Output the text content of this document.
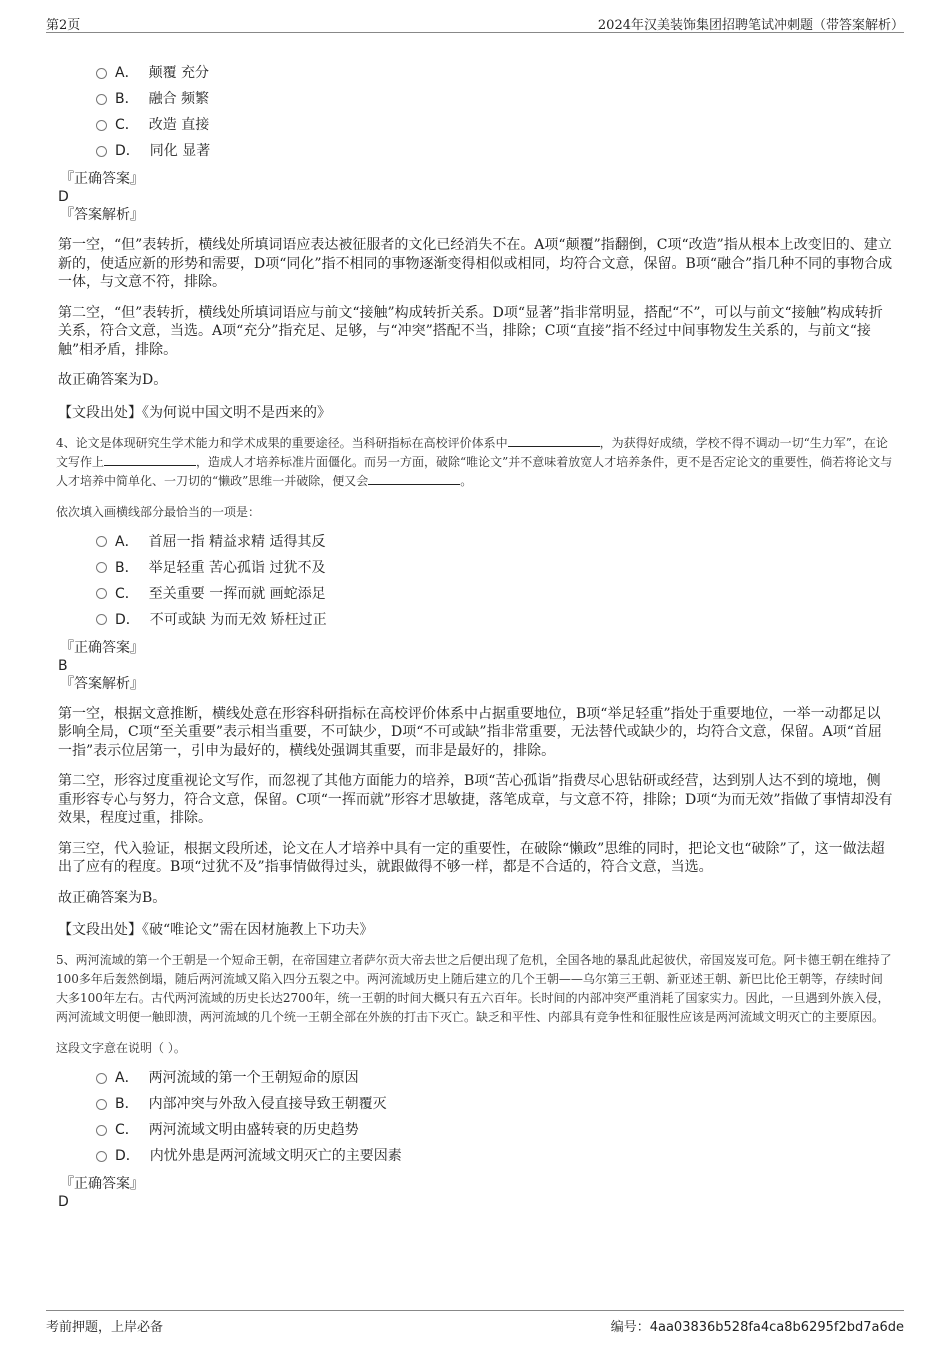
第2页	2024年汉美装饰集团招聘笔试冲刺题（带答案解析）
A． 颠覆 充分
B． 融合 频繁
C． 改造 直接
D． 同化 显著
『正确答案』
D
『答案解析』
第一空，“但”表转折，横线处所填词语应表达被征服者的文化已经消失不在。A项“颠覆”指翻倒，C项“改造”指从根本上改变旧的、建立新的，使适应新的形势和需要，D项“同化”指不相同的事物逐渐变得相似或相同，均符合文意，保留。B项“融合”指几种不同的事物合成一体，与文意不符，排除。
第二空，“但”表转折，横线处所填词语应与前文“接触”构成转折关系。D项“显著”指非常明显，搭配“不”，可以与前文“接触”构成转折关系，符合文意，当选。A项“充分”指充足、足够，与“冲突”搭配不当，排除；C项“直接”指不经过中间事物发生关系的，与前文“接触”相矛盾，排除。
故正确答案为D。
【文段出处】《为何说中国文明不是西来的》
4、论文是体现研究生学术能力和学术成果的重要途径。当科研指标在高校评价体系中	，为获得好成绩，学校不得不调动一切“生力军”，在论文写作上	，造成人才培养标准片面僵化。而另一方面，破除“唯论文”并不意味着放宽人才培养条件，更不是否定论文的重要性，倘若将论文与人才培养中简单化、一刀切的“懒政”思维一并破除，便又会	。
依次填入画横线部分最恰当的一项是：
A． 首屈一指 精益求精 适得其反
B． 举足轻重 苦心孤诣 过犹不及
C． 至关重要 一挥而就 画蛇添足
D． 不可或缺 为而无效 矫枉过正
『正确答案』
B
『答案解析』
第一空，根据文意推断，横线处意在形容科研指标在高校评价体系中占据重要地位，B项“举足轻重”指处于重要地位，一举一动都足以影响全局，C项“至关重要”表示相当重要，不可缺少，D项“不可或缺”指非常重要，无法替代或缺少的，均符合文意，保留。A项“首屈一指”表示位居第一，引申为最好的，横线处强调其重要，而非是最好的，排除。
第二空，形容过度重视论文写作，而忽视了其他方面能力的培养，B项“苦心孤诣”指费尽心思钻研或经营，达到别人达不到的境地，侧重形容专心与努力，符合文意，保留。C项“一挥而就”形容才思敏捷，落笔成章，与文意不符，排除；D项“为而无效”指做了事情却没有效果，程度过重，排除。
第三空，代入验证，根据文段所述，论文在人才培养中具有一定的重要性，在破除“懒政”思维的同时，把论文也“破除”了，这一做法超出了应有的程度。B项“过犹不及”指事情做得过头，就跟做得不够一样，都是不合适的，符合文意，当选。
故正确答案为B。
【文段出处】《破“唯论文”需在因材施教上下功夫》
5、两河流域的第一个王朝是一个短命王朝，在帝国建立者萨尔贡大帝去世之后便出现了危机，全国各地的暴乱此起彼伏，帝国岌岌可危。阿卡德王朝在维持了100多年后轰然倒塌，随后两河流域又陷入四分五裂之中。两河流域历史上随后建立的几个王朝——乌尔第三王朝、新亚述王朝、新巴比伦王朝等，存续时间大多100年左右。古代两河流域的历史长达2700年，统一王朝的时间大概只有五六百年。长时间的内部冲突严重消耗了国家实力。因此，一旦遇到外族入侵，两河流域文明便一触即溃，两河流域的几个统一王朝全部在外族的打击下灭亡。缺乏和平性、内部具有竞争性和征服性应该是两河流域文明灭亡的主要原因。
这段文字意在说明（ ）。
A． 两河流域的第一个王朝短命的原因
B． 内部冲突与外敌入侵直接导致王朝覆灭
C． 两河流域文明由盛转衰的历史趋势
D． 内忧外患是两河流域文明灭亡的主要因素
『正确答案』
D
考前押题，上岸必备	编号：4aa03836b528fa4ca8b6295f2bd7a6de
